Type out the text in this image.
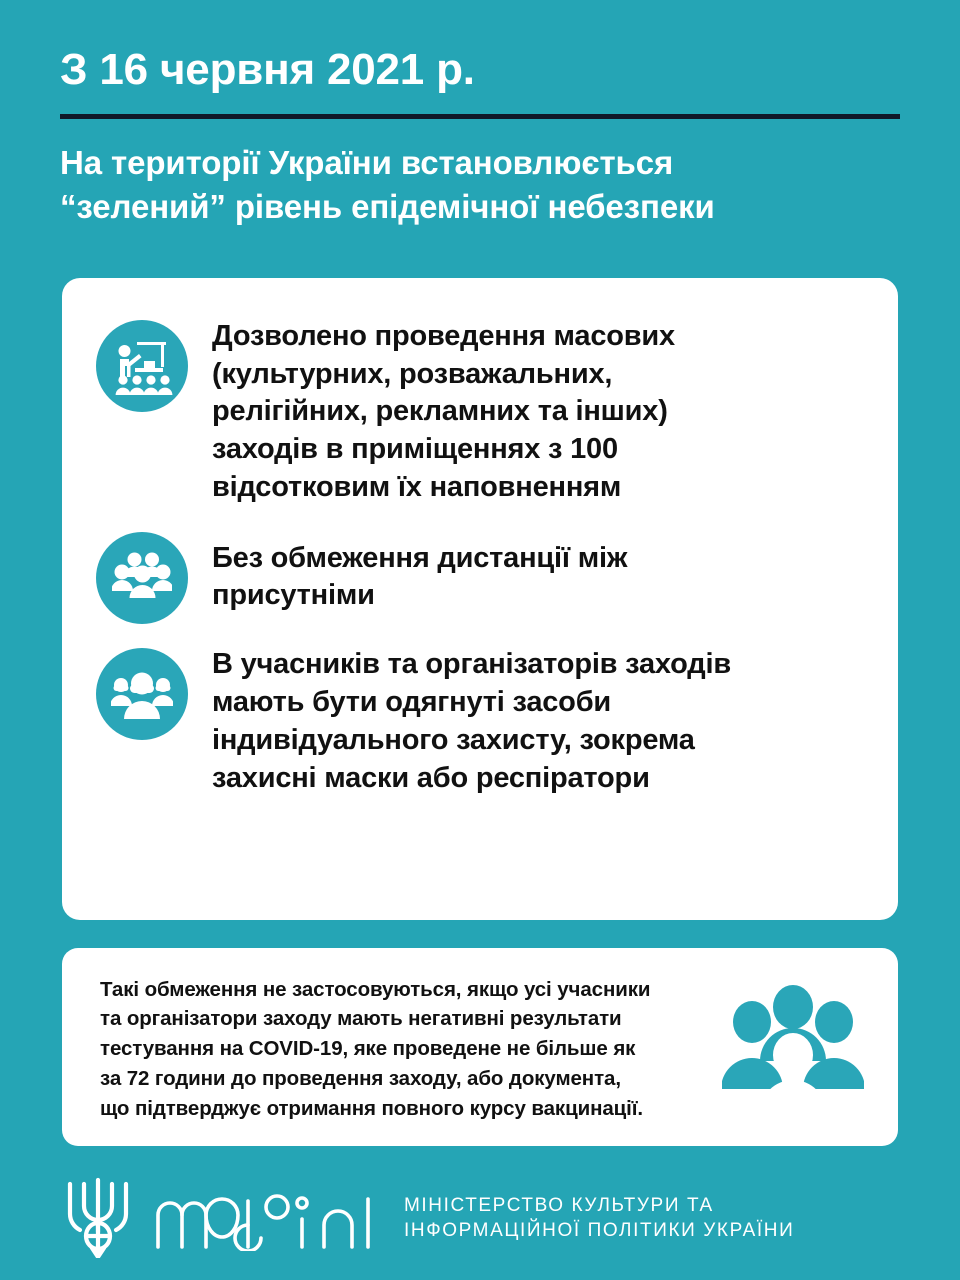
З 16 червня 2021 р.
На території України встановлюється
“зелений” рівень епідемічної небезпеки
Дозволено проведення масових
(культурних, розважальних,
релігійних, рекламних та інших)
заходів в приміщеннях з 100
відсотковим їх наповненням
Без обмеження дистанції між
присутніми
В учасників та організаторів заходів
мають бути одягнуті засоби
індивідуального захисту, зокрема
захисні маски або респіратори
Такі обмеження не застосовуються, якщо усі учасники
та організатори заходу мають негативні результати
тестування на COVID-19, яке проведене не більше як
за 72 години до проведення заходу, або документа,
що підтверджує отримання повного курсу вакцинації.
МІНІСТЕРСТВО КУЛЬТУРИ ТА
ІНФОРМАЦІЙНОЇ ПОЛІТИКИ УКРАЇНИ
